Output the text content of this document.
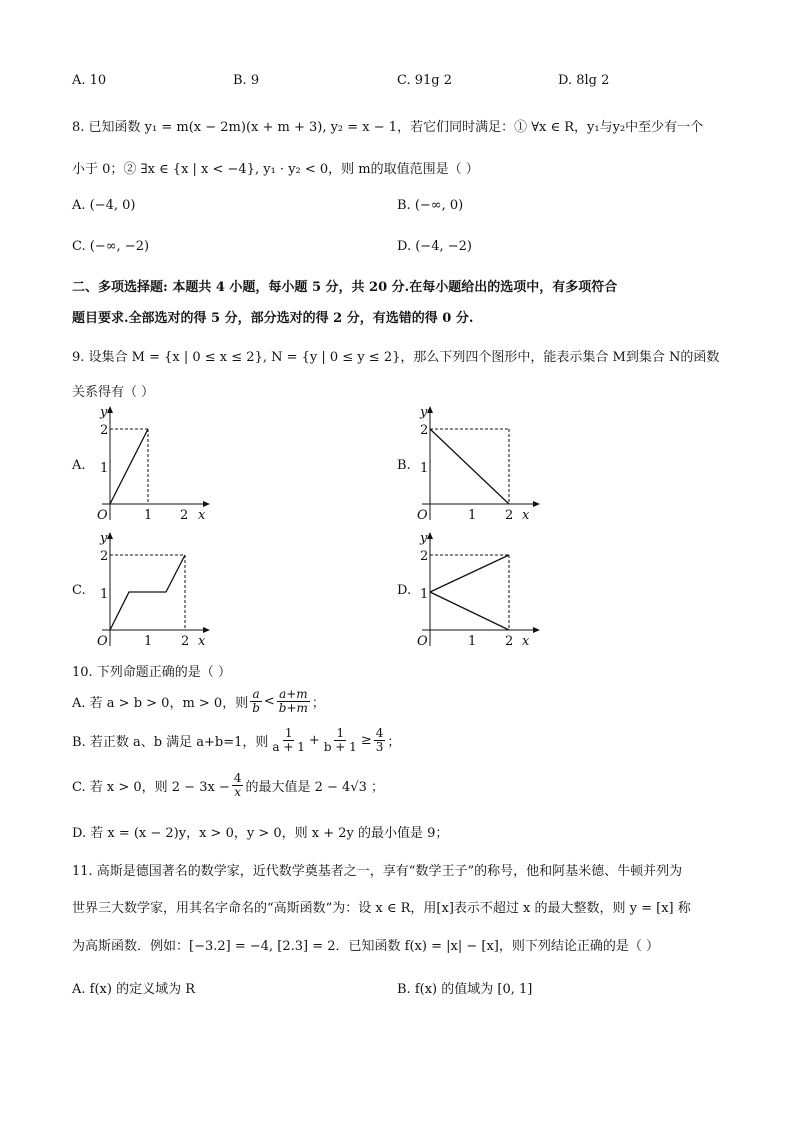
A. 10	B. 9	C. 91g 2	D. 8lg 2
8. 已知函数 y₁ = m(x − 2m)(x + m + 3), y₂ = x − 1，若它们同时满足：① ∀x ∈ R，y₁与y₂中至少有一个
小于 0；② ∃x ∈ {x | x < −4}, y₁ · y₂ < 0，则 m的取值范围是（ ）
A. (−4, 0)	B. (−∞, 0)
C. (−∞, −2)	D. (−4, −2)
二、多项选择题: 本题共 4 小题，每小题 5 分，共 20 分.在每小题给出的选项中，有多项符合
题目要求.全部选对的得 5 分，部分选对的得 2 分，有选错的得 0 分.
9. 设集合 M = {x | 0 ≤ x ≤ 2}, N = {y | 0 ≤ y ≤ 2}，那么下列四个图形中，能表示集合 M到集合 N的函数
关系得有（ ）
A.
y
2
1
O	1 2 x
B.
y
2
1
O	1 2 x
C.
y
2
1
O	1 2 x
D.
y
2
1
O	1 2 x
10. 下列命题正确的是（ ）
A. 若 a > b > 0，m > 0，则 $\frac{a}{b} < \frac{a+m}{b+m}$ ；
B. 若正数 a、b 满足 a+b=1，则 $\frac{1}{a + 1} + \frac{1}{b + 1} \ge \frac{4}{3}$ ；
C. 若 x > 0，则 $2 - 3x - \frac{4}{x}$ 的最大值是 2 − 4√3 ；
D. 若 x = (x − 2)y，x > 0，y > 0，则 x + 2y 的最小值是 9；
11. 高斯是德国著名的数学家，近代数学奠基者之一，享有“数学王子”的称号，他和阿基米德、牛顿并列为
世界三大数学家，用其名字命名的“高斯函数”为：设 x ∈ R，用[x]表示不超过 x 的最大整数，则 y = [x] 称
为高斯函数．例如：[−3.2] = −4, [2.3] = 2．已知函数 f(x) = |x| − [x]，则下列结论正确的是（ ）
A. f(x) 的定义域为 R	B. f(x) 的值域为 [0, 1]
